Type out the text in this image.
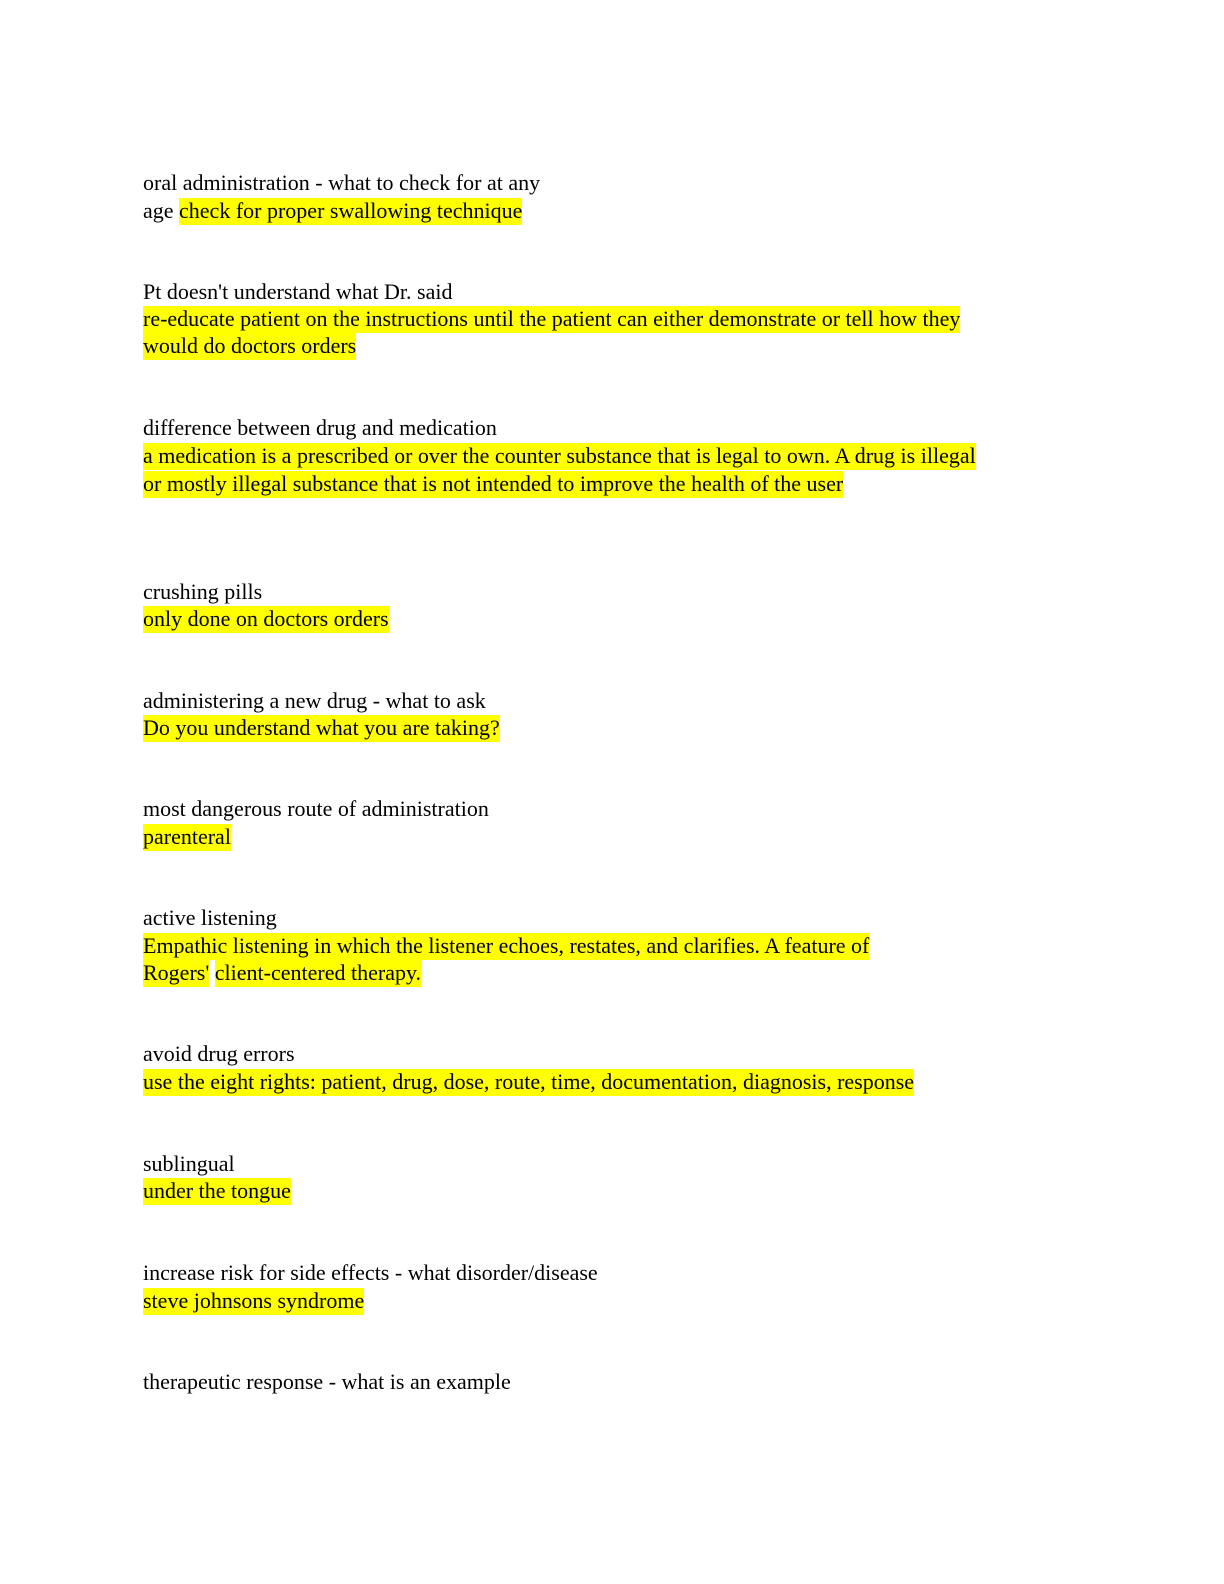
oral administration - what to check for at any
age check for proper swallowing technique
Pt doesn't understand what Dr. said
re-educate patient on the instructions until the patient can either demonstrate or tell how they
would do doctors orders
difference between drug and medication
a medication is a prescribed or over the counter substance that is legal to own. A drug is illegal
or mostly illegal substance that is not intended to improve the health of the user
crushing pills
only done on doctors orders
administering a new drug - what to ask
Do you understand what you are taking?
most dangerous route of administration
parenteral
active listening
Empathic listening in which the listener echoes, restates, and clarifies. A feature of
Rogers' client-centered therapy.
avoid drug errors
use the eight rights: patient, drug, dose, route, time, documentation, diagnosis, response
sublingual
under the tongue
increase risk for side effects - what disorder/disease
steve johnsons syndrome
therapeutic response - what is an example
